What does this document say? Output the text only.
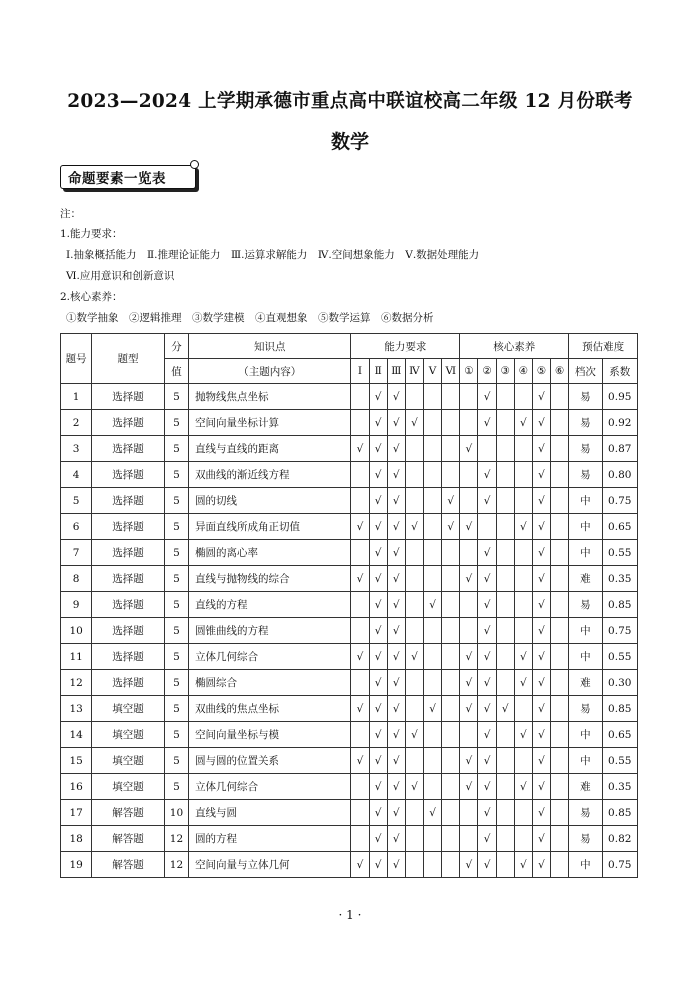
2023—2024 上学期承德市重点高中联谊校高二年级 12 月份联考
数学
命题要素一览表
注：
1.能力要求：
Ⅰ.抽象概括能力　Ⅱ.推理论证能力　Ⅲ.运算求解能力　Ⅳ.空间想象能力　Ⅴ.数据处理能力
Ⅵ.应用意识和创新意识
2.核心素养：
①数学抽象　②逻辑推理　③数学建模　④直观想象　⑤数学运算　⑥数据分析
题号	题型	分	知识点	能力要求						核心素养						预估难度	
		值	（主题内容）	Ⅰ	Ⅱ	Ⅲ	Ⅳ	Ⅴ	Ⅵ	①	②	③	④	⑤	⑥	档次	系数
1	选择题	5	抛物线焦点坐标		√	√					√			√		易	0.95
2	选择题	5	空间向量坐标计算		√	√	√				√		√	√		易	0.92
3	选择题	5	直线与直线的距离	√	√	√				√				√		易	0.87
4	选择题	5	双曲线的渐近线方程		√	√					√			√		易	0.80
5	选择题	5	圆的切线		√	√			√		√			√		中	0.75
6	选择题	5	异面直线所成角正切值	√	√	√	√		√	√			√	√		中	0.65
7	选择题	5	椭圆的离心率		√	√					√			√		中	0.55
8	选择题	5	直线与抛物线的综合	√	√	√				√	√			√		难	0.35
9	选择题	5	直线的方程		√	√		√			√			√		易	0.85
10	选择题	5	圆锥曲线的方程		√	√					√			√		中	0.75
11	选择题	5	立体几何综合	√	√	√	√			√	√		√	√		中	0.55
12	选择题	5	椭圆综合		√	√				√	√		√	√		难	0.30
13	填空题	5	双曲线的焦点坐标	√	√	√		√		√	√	√		√		易	0.85
14	填空题	5	空间向量坐标与模		√	√	√				√		√	√		中	0.65
15	填空题	5	圆与圆的位置关系	√	√	√				√	√			√		中	0.55
16	填空题	5	立体几何综合		√	√	√			√	√		√	√		难	0.35
17	解答题	10	直线与圆		√	√		√			√			√		易	0.85
18	解答题	12	圆的方程		√	√					√			√		易	0.82
19	解答题	12	空间向量与立体几何	√	√	√				√	√		√	√		中	0.75
· 1 ·
